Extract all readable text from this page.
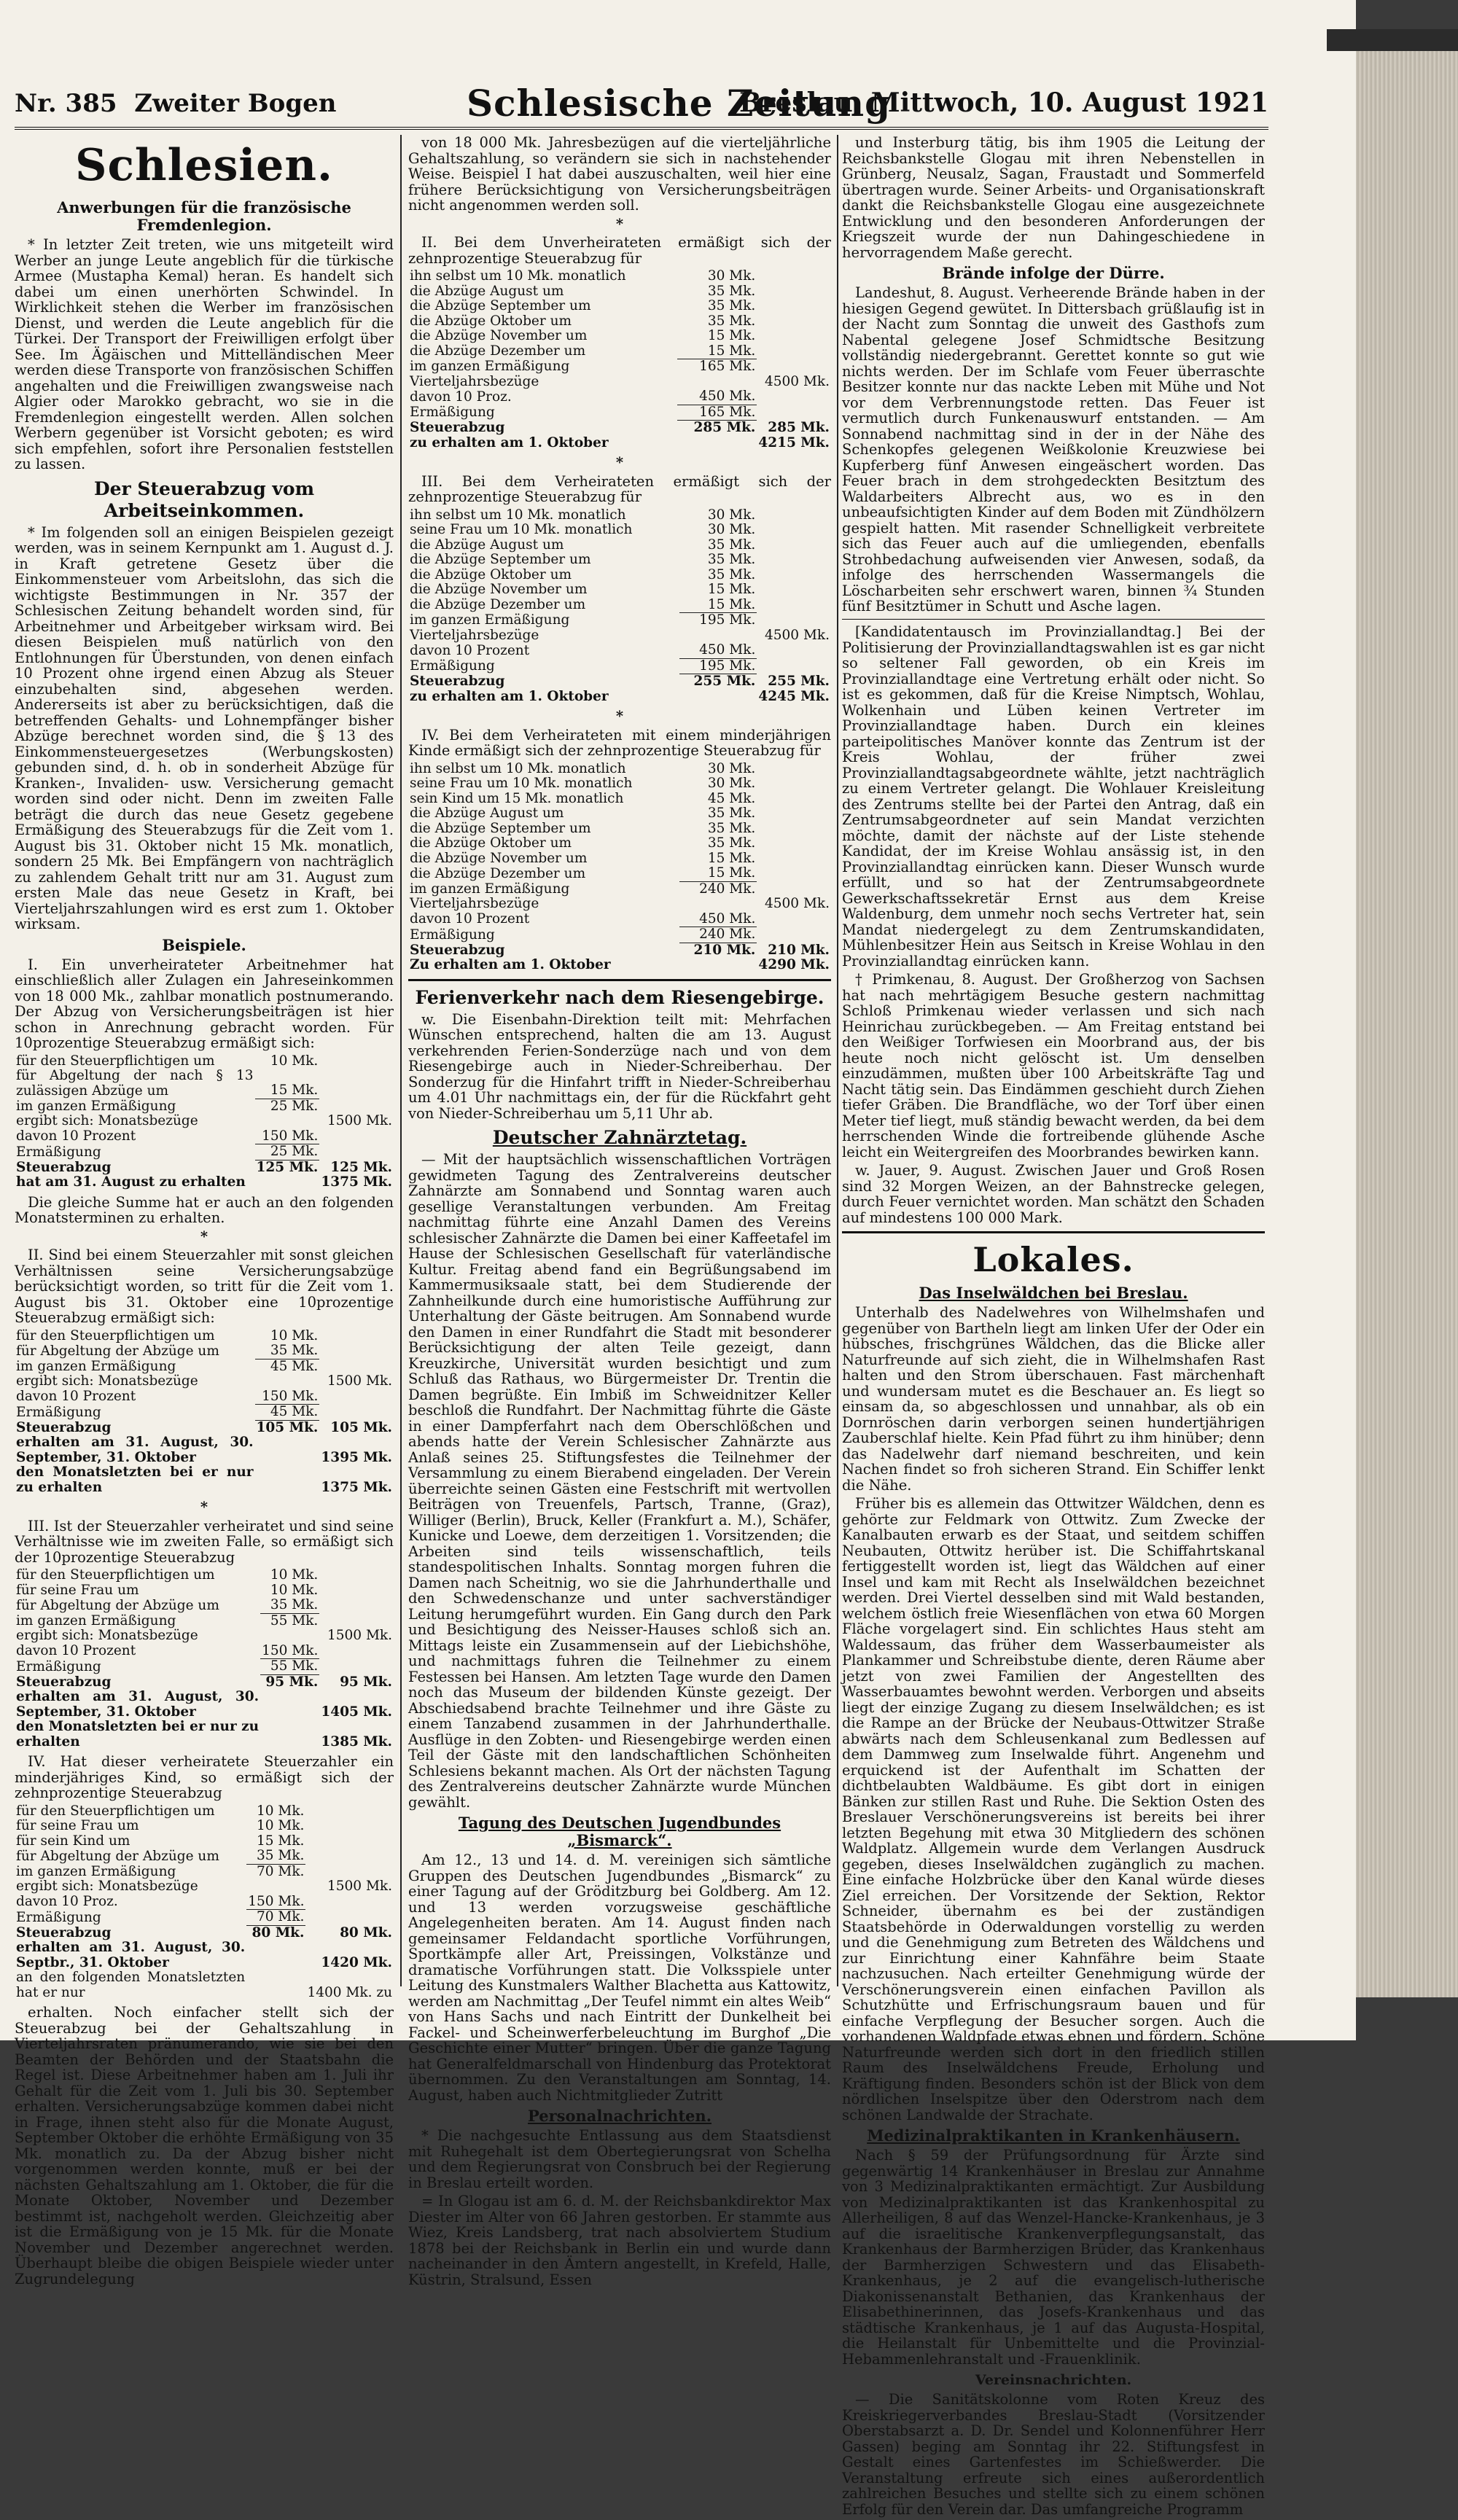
Nr. 385 Zweiter Bogen	Schlesische Zeitung
Breslau, Mittwoch, 10. August 1921
Schlesien.
Anwerbungen für die französische Fremdenlegion.

* In letzter Zeit treten, wie uns mitgeteilt wird Werber an junge Leute angeblich für die türkische Armee (Mustapha Kemal) heran. Es handelt sich dabei um einen unerhörten Schwindel. In Wirklichkeit stehen die Werber im französischen Dienst, und werden die Leute angeblich für die Türkei. Der Transport der Freiwilligen erfolgt über See. Im Ägäischen und Mittelländischen Meer werden diese Transporte von französischen Schiffen angehalten und die Freiwilligen zwangsweise nach Algier oder Marokko gebracht, wo sie in die Fremdenlegion eingestellt werden. Allen solchen Werbern gegenüber ist Vorsicht geboten; es wird sich empfehlen, sofort ihre Personalien feststellen zu lassen.

Der Steuerabzug vom Arbeitseinkommen.

* Im folgenden soll an einigen Beispielen gezeigt werden, was in seinem Kernpunkt am 1. August d. J. in Kraft getretene Gesetz über die Einkommensteuer vom Arbeitslohn, das sich die wichtigste Bestimmungen in Nr. 357 der Schlesischen Zeitung behandelt worden sind, für Arbeitnehmer und Arbeitgeber wirksam wird. Bei diesen Beispielen muß natürlich von den Entlohnungen für Überstunden, von denen einfach 10 Prozent ohne irgend einen Abzug als Steuer einzubehalten sind, abgesehen werden. Andererseits ist aber zu berücksichtigen, daß die betreffenden Gehalts- und Lohnempfänger bisher Abzüge berechnet worden sind, die § 13 des Einkommensteuergesetzes (Werbungskosten) gebunden sind, d. h. ob in sonderheit Abzüge für Kranken-, Invaliden- usw. Versicherung gemacht worden sind oder nicht. Denn im zweiten Falle beträgt die durch das neue Gesetz gegebene Ermäßigung des Steuerabzugs für die Zeit vom 1. August bis 31. Oktober nicht 15 Mk. monatlich, sondern 25 Mk. Bei Empfängern von nachträglich zu zahlendem Gehalt tritt nur am 31. August zum ersten Male das neue Gesetz in Kraft, bei Vierteljahrszahlungen wird es erst zum 1. Oktober wirksam.

Beispiele.

I. Ein unverheirateter Arbeitnehmer hat einschließlich aller Zulagen ein Jahreseinkommen von 18 000 Mk., zahlbar monatlich postnumerando. Der Abzug von Versicherungsbeiträgen ist hier schon in Anrechnung gebracht worden. Für 10prozentige Steuerabzug ermäßigt sich:

für den Steuerpflichtigen um	10 Mk.	
für Abgeltung der nach § 13 zulässigen Abzüge um	15 Mk.	
im ganzen Ermäßigung	25 Mk.	
ergibt sich: Monatsbezüge		1500 Mk.
davon 10 Prozent	150 Mk.	
Ermäßigung	25 Mk.	
Steuerabzug	125 Mk.	125 Mk.
hat am 31. August zu erhalten		1375 Mk.

Die gleiche Summe hat er auch an den folgenden Monatsterminen zu erhalten.

*

II. Sind bei einem Steuerzahler mit sonst gleichen Verhältnissen seine Versicherungsabzüge berücksichtigt worden, so tritt für die Zeit vom 1. August bis 31. Oktober eine 10prozentige Steuerabzug ermäßigt sich:

für den Steuerpflichtigen um	10 Mk.	
für Abgeltung der Abzüge um	35 Mk.	
im ganzen Ermäßigung	45 Mk.	
ergibt sich: Monatsbezüge		1500 Mk.
davon 10 Prozent	150 Mk.	
Ermäßigung	45 Mk.	
Steuerabzug	105 Mk.	105 Mk.
erhalten am 31. August, 30. September, 31. Oktober		1395 Mk.
den Monatsletzten bei er nur zu erhalten		1375 Mk.
*

III. Ist der Steuerzahler verheiratet und sind seine Verhältnisse wie im zweiten Falle, so ermäßigt sich der 10prozentige Steuerabzug

für den Steuerpflichtigen um	10 Mk.	
für seine Frau um	10 Mk.	
für Abgeltung der Abzüge um	35 Mk.	
im ganzen Ermäßigung	55 Mk.	
ergibt sich: Monatsbezüge		1500 Mk.
davon 10 Prozent	150 Mk.	
Ermäßigung	55 Mk.	
Steuerabzug	95 Mk.	95 Mk.
erhalten am 31. August, 30. September, 31. Oktober		1405 Mk.
den Monatsletzten bei er nur zu erhalten		1385 Mk.

IV. Hat dieser verheiratete Steuerzahler ein minderjähriges Kind, so ermäßigt sich der zehnprozentige Steuerabzug

für den Steuerpflichtigen um	10 Mk.	
für seine Frau um	10 Mk.	
für sein Kind um	15 Mk.	
für Abgeltung der Abzüge um	35 Mk.	
im ganzen Ermäßigung	70 Mk.	
ergibt sich: Monatsbezüge		1500 Mk.
davon 10 Proz.	150 Mk.	
Ermäßigung	70 Mk.	
Steuerabzug	80 Mk.	80 Mk.
erhalten am 31. August, 30. Septbr., 31. Oktober		1420 Mk.
an den folgenden Monatsletzten hat er nur		1400 Mk. zu

erhalten. Noch einfacher stellt sich der Steuerabzug bei der Gehaltszahlung in Vierteljahrsraten pränumerando, wie sie bei den Beamten der Behörden und der Staatsbahn die Regel ist. Diese Arbeitnehmer haben am 1. Juli ihr Gehalt für die Zeit vom 1. Juli bis 30. September erhalten. Versicherungsabzüge kommen dabei nicht in Frage, ihnen steht also für die Monate August, September Oktober die erhöhte Ermäßigung von 35 Mk. monatlich zu. Da der Abzug bisher nicht vorgenommen werden konnte, muß er bei der nächsten Gehaltszahlung am 1. Oktober, die für die Monate Oktober, November und Dezember bestimmt ist, nachgeholt werden. Gleichzeitig aber ist die Ermäßigung von je 15 Mk. für die Monate November und Dezember angerechnet werden. Überhaupt bleibe die obigen Beispiele wieder unter Zugrundelegung

von 18 000 Mk. Jahresbezügen auf die vierteljährliche Gehaltszahlung, so verändern sie sich in nachstehender Weise. Beispiel I hat dabei auszuschalten, weil hier eine frühere Berücksichtigung von Versicherungsbeiträgen nicht angenommen werden soll.

*

II. Bei dem Unverheirateten ermäßigt sich der zehnprozentige Steuerabzug für

ihn selbst um 10 Mk. monatlich	30 Mk.	
die Abzüge August um	35 Mk.	
die Abzüge September um	35 Mk.	
die Abzüge Oktober um	35 Mk.	
die Abzüge November um	15 Mk.	
die Abzüge Dezember um	15 Mk.	
im ganzen Ermäßigung	165 Mk.	
Vierteljahrsbezüge		4500 Mk.
davon 10 Proz.	450 Mk.	
Ermäßigung	165 Mk.	
Steuerabzug	285 Mk.	285 Mk.
zu erhalten am 1. Oktober		4215 Mk.
*

III. Bei dem Verheirateten ermäßigt sich der zehnprozentige Steuerabzug für

ihn selbst um 10 Mk. monatlich	30 Mk.	
seine Frau um 10 Mk. monatlich	30 Mk.	
die Abzüge August um	35 Mk.	
die Abzüge September um	35 Mk.	
die Abzüge Oktober um	35 Mk.	
die Abzüge November um	15 Mk.	
die Abzüge Dezember um	15 Mk.	
im ganzen Ermäßigung	195 Mk.	
Vierteljahrsbezüge		4500 Mk.
davon 10 Prozent	450 Mk.	
Ermäßigung	195 Mk.	
Steuerabzug	255 Mk.	255 Mk.
zu erhalten am 1. Oktober		4245 Mk.
*

IV. Bei dem Verheirateten mit einem minderjährigen Kinde ermäßigt sich der zehnprozentige Steuerabzug für

ihn selbst um 10 Mk. monatlich	30 Mk.	
seine Frau um 10 Mk. monatlich	30 Mk.	
sein Kind um 15 Mk. monatlich	45 Mk.	
die Abzüge August um	35 Mk.	
die Abzüge September um	35 Mk.	
die Abzüge Oktober um	35 Mk.	
die Abzüge November um	15 Mk.	
die Abzüge Dezember um	15 Mk.	
im ganzen Ermäßigung	240 Mk.	
Vierteljahrsbezüge		4500 Mk.
davon 10 Prozent	450 Mk.	
Ermäßigung	240 Mk.	
Steuerabzug	210 Mk.	210 Mk.
Zu erhalten am 1. Oktober		4290 Mk.
Ferienverkehr nach dem Riesengebirge.

w. Die Eisenbahn-Direktion teilt mit: Mehrfachen Wünschen entsprechend, halten die am 13. August verkehrenden Ferien-Sonderzüge nach und von dem Riesengebirge auch in Nieder-Schreiberhau. Der Sonderzug für die Hinfahrt trifft in Nieder-Schreiberhau um 4.01 Uhr nachmittags ein, der für die Rückfahrt geht von Nieder-Schreiberhau um 5,11 Uhr ab.

Deutscher Zahnärztetag.

— Mit der hauptsächlich wissenschaftlichen Vorträgen gewidmeten Tagung des Zentralvereins deutscher Zahnärzte am Sonnabend und Sonntag waren auch gesellige Veranstaltungen verbunden. Am Freitag nachmittag führte eine Anzahl Damen des Vereins schlesischer Zahnärzte die Damen bei einer Kaffeetafel im Hause der Schlesischen Gesellschaft für vaterländische Kultur. Freitag abend fand ein Begrüßungsabend im Kammermusiksaale statt, bei dem Studierende der Zahnheilkunde durch eine humoristische Aufführung zur Unterhaltung der Gäste beitrugen. Am Sonnabend wurde den Damen in einer Rundfahrt die Stadt mit besonderer Berücksichtigung der alten Teile gezeigt, dann Kreuzkirche, Universität wurden besichtigt und zum Schluß das Rathaus, wo Bürgermeister Dr. Trentin die Damen begrüßte. Ein Imbiß im Schweidnitzer Keller beschloß die Rundfahrt. Der Nachmittag führte die Gäste in einer Dampferfahrt nach dem Oberschlößchen und abends hatte der Verein Schlesischer Zahnärzte aus Anlaß seines 25. Stiftungsfestes die Teilnehmer der Versammlung zu einem Bierabend eingeladen. Der Verein überreichte seinen Gästen eine Festschrift mit wertvollen Beiträgen von Treuenfels, Partsch, Tranne, (Graz), Williger (Berlin), Bruck, Keller (Frankfurt a. M.), Schäfer, Kunicke und Loewe, dem derzeitigen 1. Vorsitzenden; die Arbeiten sind teils wissenschaftlich, teils standespolitischen Inhalts. Sonntag morgen fuhren die Damen nach Scheitnig, wo sie die Jahrhunderthalle und den Schwedenschanze und unter sachverständiger Leitung herumgeführt wurden. Ein Gang durch den Park und Besichtigung des Neisser-Hauses schloß sich an. Mittags leiste ein Zusammensein auf der Liebichshöhe, und nachmittags fuhren die Teilnehmer zu einem Festessen bei Hansen. Am letzten Tage wurde den Damen noch das Museum der bildenden Künste gezeigt. Der Abschiedsabend brachte Teilnehmer und ihre Gäste zu einem Tanzabend zusammen in der Jahrhunderthalle. Ausflüge in den Zobten- und Riesengebirge werden einen Teil der Gäste mit den landschaftlichen Schönheiten Schlesiens bekannt machen. Als Ort der nächsten Tagung des Zentralvereins deutscher Zahnärzte wurde München gewählt.

Tagung des Deutschen Jugendbundes „Bismarck“.

Am 12., 13 und 14. d. M. vereinigen sich sämtliche Gruppen des Deutschen Jugendbundes „Bismarck“ zu einer Tagung auf der Gröditzburg bei Goldberg. Am 12. und 13 werden vorzugsweise geschäftliche Angelegenheiten beraten. Am 14. August finden nach gemeinsamer Feldandacht sportliche Vorführungen, Sportkämpfe aller Art, Preissingen, Volkstänze und dramatische Vorführungen statt. Die Volksspiele unter Leitung des Kunstmalers Walther Blachetta aus Kattowitz, werden am Nachmittag „Der Teufel nimmt ein altes Weib“ von Hans Sachs und nach Eintritt der Dunkelheit bei Fackel- und Scheinwerferbeleuchtung im Burghof „Die Geschichte einer Mutter“ bringen. Über die ganze Tagung hat Generalfeldmarschall von Hindenburg das Protektorat übernommen. Zu den Veranstaltungen am Sonntag, 14. August, haben auch Nichtmitglieder Zutritt

Personalnachrichten.

* Die nachgesuchte Entlassung aus dem Staatsdienst mit Ruhegehalt ist dem Obertegierungsrat von Schelha und dem Regierungsrat von Consbruch bei der Regierung in Breslau erteilt worden.

= In Glogau ist am 6. d. M. der Reichsbankdirektor Max Diester im Alter von 66 Jahren gestorben. Er stammte aus Wiez, Kreis Landsberg, trat nach absolviertem Studium 1878 bei der Reichsbank in Berlin ein und wurde dann nacheinander in den Ämtern angestellt, in Krefeld, Halle, Küstrin, Stralsund, Essen

und Insterburg tätig, bis ihm 1905 die Leitung der Reichsbankstelle Glogau mit ihren Nebenstellen in Grünberg, Neusalz, Sagan, Fraustadt und Sommerfeld übertragen wurde. Seiner Arbeits- und Organisationskraft dankt die Reichsbankstelle Glogau eine ausgezeichnete Entwicklung und den besonderen Anforderungen der Kriegszeit wurde der nun Dahingeschiedene in hervorragendem Maße gerecht.

Brände infolge der Dürre.

Landeshut, 8. August. Verheerende Brände haben in der hiesigen Gegend gewütet. In Dittersbach grüßlaufig ist in der Nacht zum Sonntag die unweit des Gasthofs zum Nabental gelegene Josef Schmidtsche Besitzung vollständig niedergebrannt. Gerettet konnte so gut wie nichts werden. Der im Schlafe vom Feuer überraschte Besitzer konnte nur das nackte Leben mit Mühe und Not vor dem Verbrennungstode retten. Das Feuer ist vermutlich durch Funkenauswurf entstanden. — Am Sonnabend nachmittag sind in der in der Nähe des Schenkopfes gelegenen Weißkolonie Kreuzwiese bei Kupferberg fünf Anwesen eingeäschert worden. Das Feuer brach in dem strohgedeckten Besitztum des Waldarbeiters Albrecht aus, wo es in den unbeaufsichtigten Kinder auf dem Boden mit Zündhölzern gespielt hatten. Mit rasender Schnelligkeit verbreitete sich das Feuer auch auf die umliegenden, ebenfalls Strohbedachung aufweisenden vier Anwesen, sodaß, da infolge des herrschenden Wassermangels die Löscharbeiten sehr erschwert waren, binnen ¾ Stunden fünf Besitztümer in Schutt und Asche lagen.

[Kandidatentausch im Provinziallandtag.] Bei der Politisierung der Provinziallandtagswahlen ist es gar nicht so seltener Fall geworden, ob ein Kreis im Provinziallandtage eine Vertretung erhält oder nicht. So ist es gekommen, daß für die Kreise Nimptsch, Wohlau, Wolkenhain und Lüben keinen Vertreter im Provinziallandtage haben. Durch ein kleines parteipolitisches Manöver konnte das Zentrum ist der Kreis Wohlau, der früher zwei Provinziallandtagsabgeordnete wählte, jetzt nachträglich zu einem Vertreter gelangt. Die Wohlauer Kreisleitung des Zentrums stellte bei der Partei den Antrag, daß ein Zentrumsabgeordneter auf sein Mandat verzichten möchte, damit der nächste auf der Liste stehende Kandidat, der im Kreise Wohlau ansässig ist, in den Provinziallandtag einrücken kann. Dieser Wunsch wurde erfüllt, und so hat der Zentrumsabgeordnete Gewerkschaftssekretär Ernst aus dem Kreise Waldenburg, dem unmehr noch sechs Vertreter hat, sein Mandat niedergelegt zu dem Zentrumskandidaten, Mühlenbesitzer Hein aus Seitsch in Kreise Wohlau in den Provinziallandtag einrücken kann.

† Primkenau, 8. August. Der Großherzog von Sachsen hat nach mehrtägigem Besuche gestern nachmittag Schloß Primkenau wieder verlassen und sich nach Heinrichau zurückbegeben. — Am Freitag entstand bei den Weißiger Torfwiesen ein Moorbrand aus, der bis heute noch nicht gelöscht ist. Um denselben einzudämmen, mußten über 100 Arbeitskräfte Tag und Nacht tätig sein. Das Eindämmen geschieht durch Ziehen tiefer Gräben. Die Brandfläche, wo der Torf über einen Meter tief liegt, muß ständig bewacht werden, da bei dem herrschenden Winde die fortreibende glühende Asche leicht ein Weitergreifen des Moorbrandes bewirken kann.

w. Jauer, 9. August. Zwischen Jauer und Groß Rosen sind 32 Morgen Weizen, an der Bahnstrecke gelegen, durch Feuer vernichtet worden. Man schätzt den Schaden auf mindestens 100 000 Mark.

Lokales.
Das Inselwäldchen bei Breslau.

Unterhalb des Nadelwehres von Wilhelmshafen und gegenüber von Bartheln liegt am linken Ufer der Oder ein hübsches, frischgrünes Wäldchen, das die Blicke aller Naturfreunde auf sich zieht, die in Wilhelmshafen Rast halten und den Strom überschauen. Fast märchenhaft und wundersam mutet es die Beschauer an. Es liegt so einsam da, so abgeschlossen und unnahbar, als ob ein Dornröschen darin verborgen seinen hundertjährigen Zauberschlaf hielte. Kein Pfad führt zu ihm hinüber; denn das Nadelwehr darf niemand beschreiten, und kein Nachen findet so froh sicheren Strand. Ein Schiffer lenkt die Nähe.

Früher bis es allemein das Ottwitzer Wäldchen, denn es gehörte zur Feldmark von Ottwitz. Zum Zwecke der Kanalbauten erwarb es der Staat, und seitdem schiffen Neubauten, Ottwitz herüber ist. Die Schiffahrtskanal fertiggestellt worden ist, liegt das Wäldchen auf einer Insel und kam mit Recht als Inselwäldchen bezeichnet werden. Drei Viertel desselben sind mit Wald bestanden, welchem östlich freie Wiesenflächen von etwa 60 Morgen Fläche vorgelagert sind. Ein schlichtes Haus steht am Waldessaum, das früher dem Wasserbaumeister als Plankammer und Schreibstube diente, deren Räume aber jetzt von zwei Familien der Angestellten des Wasserbauamtes bewohnt werden. Verborgen und abseits liegt der einzige Zugang zu diesem Inselwäldchen; es ist die Rampe an der Brücke der Neubaus-Ottwitzer Straße abwärts nach dem Schleusenkanal zum Bedlessen auf dem Dammweg zum Inselwalde führt. Angenehm und erquickend ist der Aufenthalt im Schatten der dichtbelaubten Waldbäume. Es gibt dort in einigen Bänken zur stillen Rast und Ruhe. Die Sektion Osten des Breslauer Verschönerungsvereins ist bereits bei ihrer letzten Begehung mit etwa 30 Mitgliedern des schönen Waldplatz. Allgemein wurde dem Verlangen Ausdruck gegeben, dieses Inselwäldchen zugänglich zu machen. Eine einfache Holzbrücke über den Kanal würde dieses Ziel erreichen. Der Vorsitzende der Sektion, Rektor Schneider, übernahm es bei der zuständigen Staatsbehörde in Oderwaldungen vorstellig zu werden und die Genehmigung zum Betreten des Wäldchens und zur Einrichtung einer Kahnfähre beim Staate nachzusuchen. Nach erteilter Genehmigung würde der Verschönerungsverein einen einfachen Pavillon als Schutzhütte und Erfrischungsraum bauen und für einfache Verpflegung der Besucher sorgen. Auch die vorhandenen Waldpfade etwas ebnen und fördern. Schöne Naturfreunde werden sich dort in den friedlich stillen Raum des Inselwäldchens Freude, Erholung und Kräftigung finden. Besonders schön ist der Blick von dem nördlichen Inselspitze über den Oderstrom nach dem schönen Landwalde der Strachate.

Medizinalpraktikanten in Krankenhäusern.

Nach § 59 der Prüfungsordnung für Ärzte sind gegenwärtig 14 Krankenhäuser in Breslau zur Annahme von 3 Medizinalpraktikanten ermächtigt. Zur Ausbildung von Medizinalpraktikanten ist das Krankenhospital zu Allerheiligen, 8 auf das Wenzel-Hancke-Krankenhaus, je 3 auf die israelitische Krankenverpflegungsanstalt, das Krankenhaus der Barmherzigen Brüder, das Krankenhaus der Barmherzigen Schwestern und das Elisabeth-Krankenhaus, je 2 auf die evangelisch-lutherische Diakonissenanstalt Bethanien, das Krankenhaus der Elisabethinerinnen, das Josefs-Krankenhaus und das städtische Krankenhaus, je 1 auf das Augusta-Hospital, die Heilanstalt für Unbemittelte und die Provinzial-Hebammenlehranstalt und -Frauenklinik.

Vereinsnachrichten.

— Die Sanitätskolonne vom Roten Kreuz des Kreiskriegerverbandes Breslau-Stadt (Vorsitzender Oberstabsarzt a. D. Dr. Sendel und Kolonnenführer Herr Gassen) beging am Sonntag ihr 22. Stiftungsfest in Gestalt eines Gartenfestes im Schießwerder. Die Veranstaltung erfreute sich eines außerordentlich zahlreichen Besuches und stellte sich zu einem schönen Erfolg für den Verein dar. Das umfangreiche Programm
